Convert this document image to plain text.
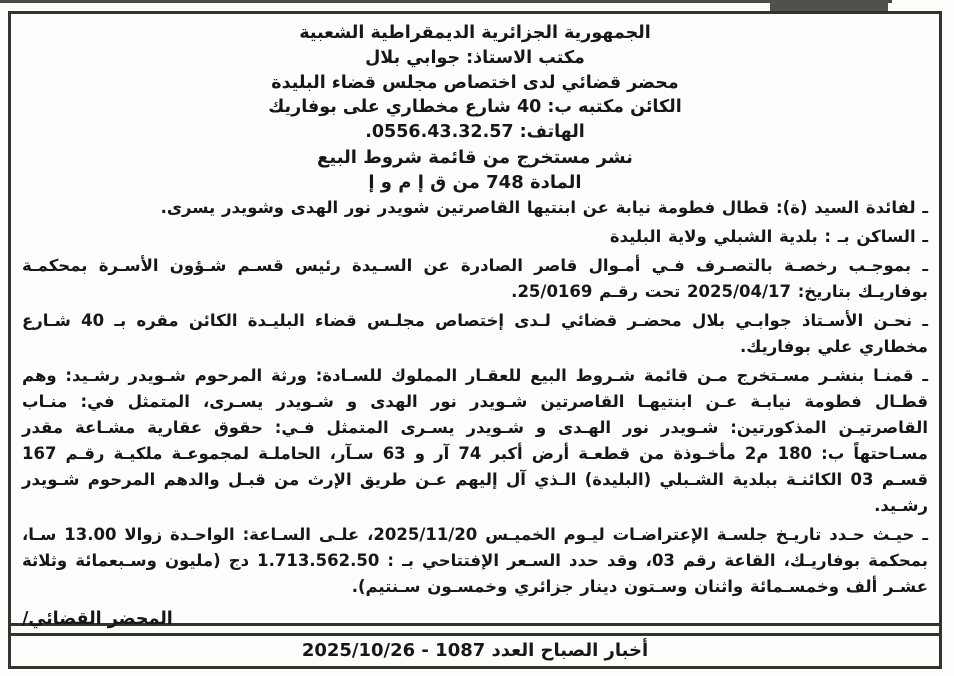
الجمهورية الجزائرية الديمقراطية الشعبية
مكتب الاستاذ: جوابي بلال
محضر قضائي لدى اختصاص مجلس قضاء البليدة
الكائن مكتبه ب: 40 شارع مخطاري على بوفاريك
الهاتف: 0556.43.32.57.
نشر مستخرج من قائمة شروط البيع
المادة 748 من ق إ م و إ
ـ لفائدة السيد (ة): قطال فطومة نيابة عن ابنتيها القاصرتين شويدر نور الهدى وشويدر يسرى.
ـ الساكن بـ : بلدية الشبلي ولاية البليدة
ـ بموجـب رخصـة بالتصـرف فـي أمـوال قاصر الصادرة عن السـيدة رئيس قسـم شـؤون الأسـرة بمحكمـة بوفاريـك بتاريخ: 2025/04/17 تحت رقـم 25/0169.
ـ نحـن الأسـتاذ جوابـي بلال محضـر قضائي لـدى إختصاص مجلـس قضاء البليـدة الكائن مقره بـ 40 شـارع مخطاري علي بوفاريك.
ـ قمنـا بنشـر مسـتخرج مـن قائمة شـروط البيع للعقـار المملوك للسـادة: ورثة المرحوم شـويدر رشـيد: وهم قطـال فطومة نيابـة عـن ابنتيهـا القاصرتين شـويدر نور الهدى و شـويدر يسـرى، المتمثل في: منـاب القاصرتيـن المذكورتين: شـويدر نور الهـدى و شـويدر يسـرى المتمثل فـي: حقوق عقارية مشـاعة مقدر مسـاحتهاً ب: 180 م2 مأخـوذة من قطعـة أرض أكبر 74 آر و 63 سـآر، الحاملـة لمجموعـة ملكيـة رقـم 167 قسـم 03 الكائنـة ببلدية الشـبلي (البليدة) الـذي آل إليهم عـن طريق الإرث من قبـل والدهم المرحوم شـويدر رشـيد.
ـ حيـث حـدد تاريـخ جلسـة الإعتراضـات ليـوم الخميـس 2025/11/20، علـى السـاعة: الواحـدة زوالا 13.00 سـا، بمحكمة بوفاريـك، القاعة رقم 03، وقد حدد السـعر الإفتتاحي بـ : 1.713.562.50 دج (مليون وسـبعمائة وثلاثة عشـر ألف وخمسـمائة واثنان وسـتون دينار جزائري وخمسـون سـنتيم).
المحضر القضائي/
أخبار الصباح العدد 1087 - 2025/10/26
